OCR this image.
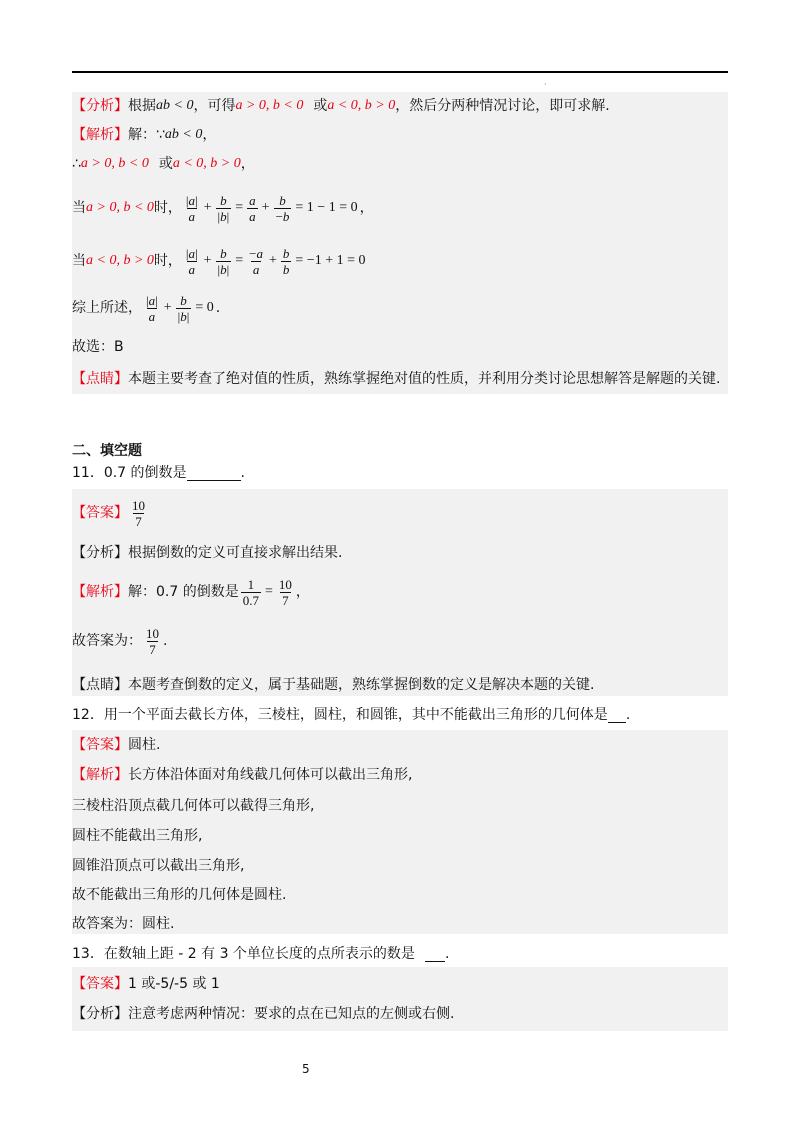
·
【分析】 根据 ab < 0 ，可得 a > 0, b < 0 或 a < 0, b > 0 ，然后分两种情况讨论，即可求解.
【解析】 解： ∵ ab < 0 ，
∴ a > 0, b < 0 或 a < 0, b > 0 ，
当 a > 0, b < 0 时， $\frac{|a|}{a} + \frac{b}{|b|} = \frac{a}{a} + \frac{b}{-b} = 1 - 1 = 0$ ，
当 a < 0, b > 0 时， $\frac{|a|}{a} + \frac{b}{|b|} = \frac{-a}{a} + \frac{b}{b} = -1 + 1 = 0$
综上所述， $\frac{|a|}{a} + \frac{b}{|b|} = 0$ .
故选：B
【点睛】 本题主要考查了绝对值的性质，熟练掌握绝对值的性质，并利用分类讨论思想解答是解题的关键.
二、填空题
11．0.7 的倒数是	.
【答案】 $\frac{10}{7}$
【分析】 根据倒数的定义可直接求解出结果.
【解析】 解：0.7 的倒数是 $\frac{1}{0.7} = \frac{10}{7}$ ，
故答案为： $\frac{10}{7}$ .
【点睛】 本题考查倒数的定义，属于基础题，熟练掌握倒数的定义是解决本题的关键.
12．用一个平面去截长方体，三棱柱，圆柱，和圆锥，其中不能截出三角形的几何体是 .
【答案】 圆柱.
【解析】 长方体沿体面对角线截几何体可以截出三角形,
三棱柱沿顶点截几何体可以截得三角形,
圆柱不能截出三角形,
圆锥沿顶点可以截出三角形,
故不能截出三角形的几何体是圆柱.
故答案为：圆柱.
13．在数轴上距 - 2 有 3 个单位长度的点所表示的数是 .
【答案】 1 或-5/-5 或 1
【分析】 注意考虑两种情况：要求的点在已知点的左侧或右侧.
5
